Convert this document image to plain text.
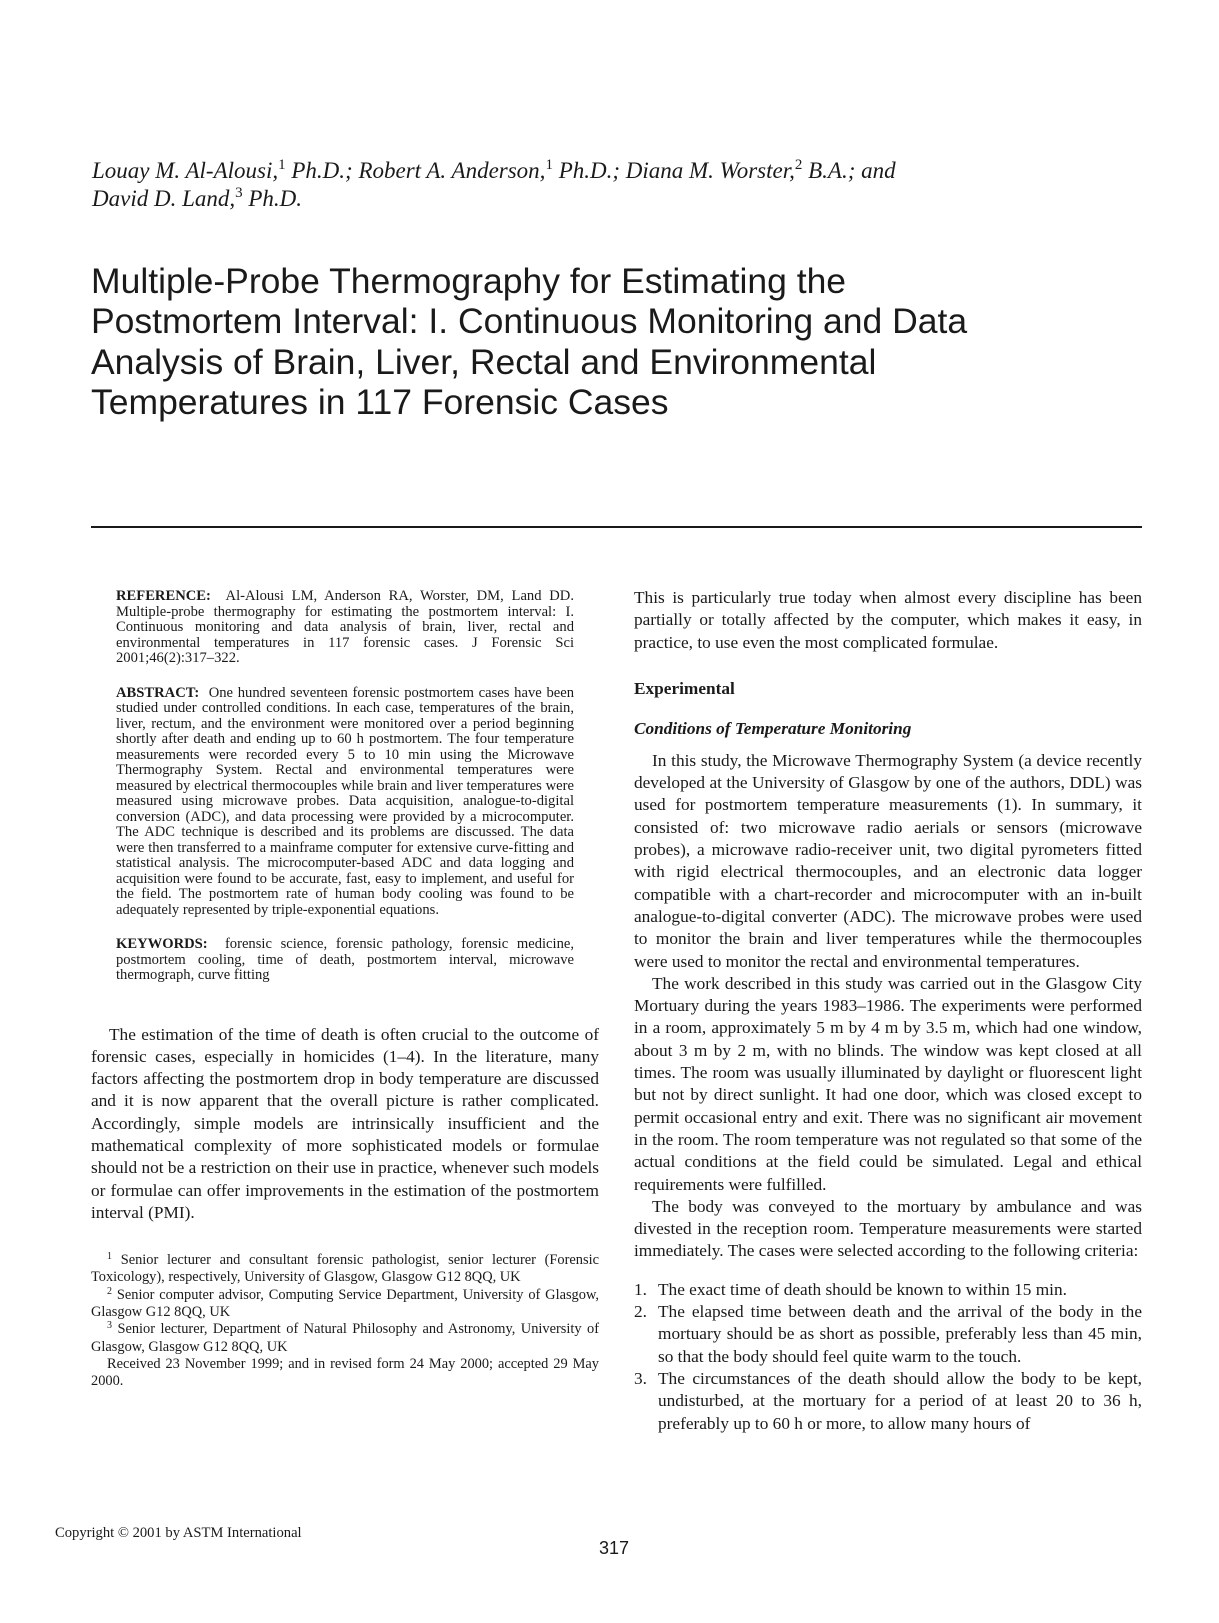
Louay M. Al-Alousi,$^1$ Ph.D.; Robert A. Anderson,$^1$ Ph.D.; Diana M. Worster,$^2$ B.A.; and
David D. Land,$^3$ Ph.D.
Multiple-Probe Thermography for Estimating the Postmortem Interval: I. Continuous Monitoring and Data Analysis of Brain, Liver, Rectal and Environmental Temperatures in 117 Forensic Cases

REFERENCE: Al-Alousi LM, Anderson RA, Worster, DM, Land DD. Multiple-probe thermography for estimating the postmortem interval: I. Continuous monitoring and data analysis of brain, liver, rectal and environmental temperatures in 117 forensic cases. J Forensic Sci 2001;46(2):317–322.

ABSTRACT: One hundred seventeen forensic postmortem cases have been studied under controlled conditions. In each case, temperatures of the brain, liver, rectum, and the environment were monitored over a period beginning shortly after death and ending up to 60 h postmortem. The four temperature measurements were recorded every 5 to 10 min using the Microwave Thermography System. Rectal and environmental temperatures were measured by electrical thermocouples while brain and liver temperatures were measured using microwave probes. Data acquisition, analogue-to-digital conversion (ADC), and data processing were provided by a microcomputer. The ADC technique is described and its problems are discussed. The data were then transferred to a mainframe computer for extensive curve-fitting and statistical analysis. The microcomputer-based ADC and data logging and acquisition were found to be accurate, fast, easy to implement, and useful for the field. The postmortem rate of human body cooling was found to be adequately represented by triple-exponential equations.

KEYWORDS: forensic science, forensic pathology, forensic medicine, postmortem cooling, time of death, postmortem interval, microwave thermograph, curve fitting

The estimation of the time of death is often crucial to the outcome of forensic cases, especially in homicides (1–4). In the literature, many factors affecting the postmortem drop in body temperature are discussed and it is now apparent that the overall picture is rather complicated. Accordingly, simple models are intrinsically insufficient and the mathematical complexity of more sophisticated models or formulae should not be a restriction on their use in practice, whenever such models or formulae can offer improvements in the estimation of the postmortem interval (PMI).

$^1$ Senior lecturer and consultant forensic pathologist, senior lecturer (Forensic Toxicology), respectively, University of Glasgow, Glasgow G12 8QQ, UK

$^2$ Senior computer advisor, Computing Service Department, University of Glasgow, Glasgow G12 8QQ, UK

$^3$ Senior lecturer, Department of Natural Philosophy and Astronomy, University of Glasgow, Glasgow G12 8QQ, UK

Received 23 November 1999; and in revised form 24 May 2000; accepted 29 May 2000.

This is particularly true today when almost every discipline has been partially or totally affected by the computer, which makes it easy, in practice, to use even the most complicated formulae.

Experimental
Conditions of Temperature Monitoring

In this study, the Microwave Thermography System (a device recently developed at the University of Glasgow by one of the authors, DDL) was used for postmortem temperature measurements (1). In summary, it consisted of: two microwave radio aerials or sensors (microwave probes), a microwave radio-receiver unit, two digital pyrometers fitted with rigid electrical thermocouples, and an electronic data logger compatible with a chart-recorder and microcomputer with an in-built analogue-to-digital converter (ADC). The microwave probes were used to monitor the brain and liver temperatures while the thermocouples were used to monitor the rectal and environmental temperatures.

The work described in this study was carried out in the Glasgow City Mortuary during the years 1983–1986. The experiments were performed in a room, approximately 5 m by 4 m by 3.5 m, which had one window, about 3 m by 2 m, with no blinds. The window was kept closed at all times. The room was usually illuminated by daylight or fluorescent light but not by direct sunlight. It had one door, which was closed except to permit occasional entry and exit. There was no significant air movement in the room. The room temperature was not regulated so that some of the actual conditions at the field could be simulated. Legal and ethical requirements were fulfilled.

The body was conveyed to the mortuary by ambulance and was divested in the reception room. Temperature measurements were started immediately. The cases were selected according to the following criteria:

1. The exact time of death should be known to within 15 min.
2. The elapsed time between death and the arrival of the body in the mortuary should be as short as possible, preferably less than 45 min, so that the body should feel quite warm to the touch.
3. The circumstances of the death should allow the body to be kept, undisturbed, at the mortuary for a period of at least 20 to 36 h, preferably up to 60 h or more, to allow many hours of
Copyright © 2001 by ASTM International
317
